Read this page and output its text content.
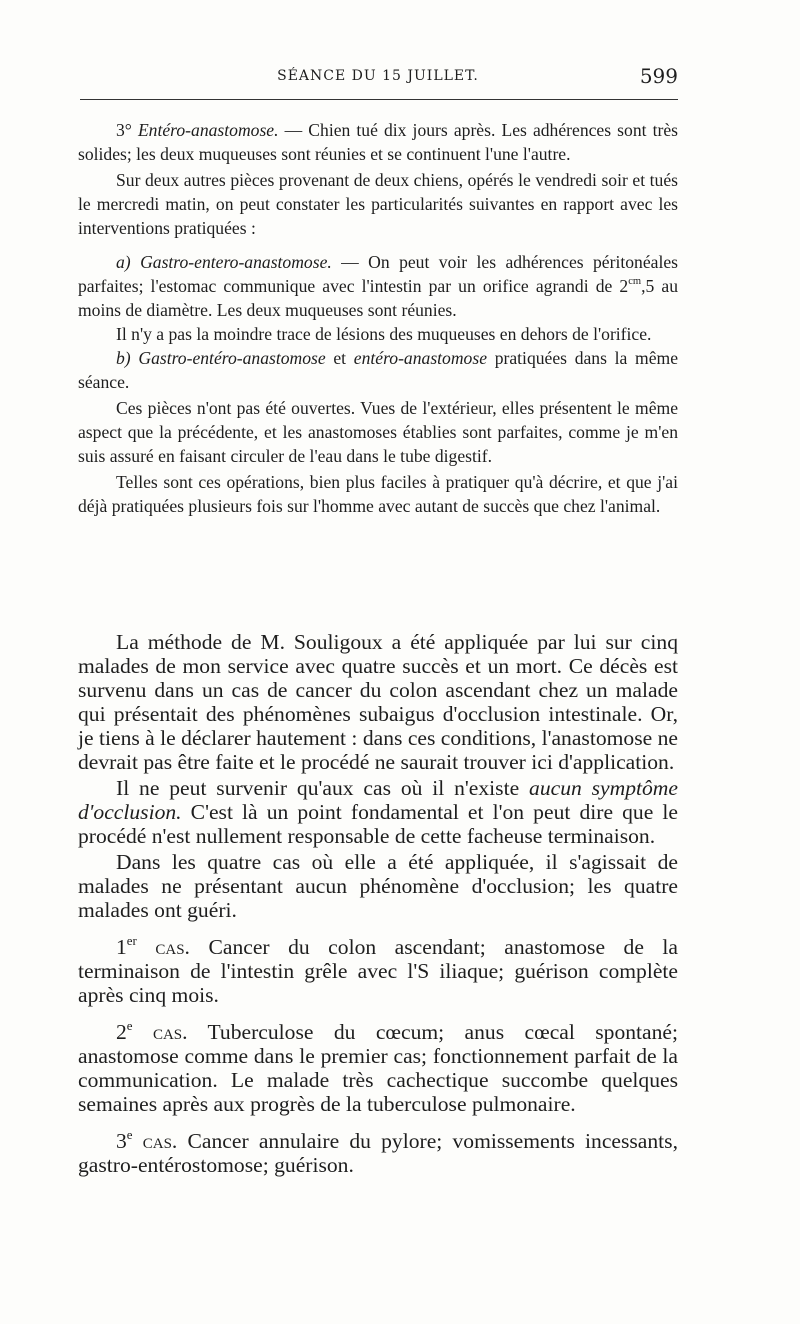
SÉANCE DU 15 JUILLET.	599

3° Entéro-anastomose. — Chien tué dix jours après. Les adhérences sont très solides; les deux muqueuses sont réunies et se continuent l'une l'autre.

Sur deux autres pièces provenant de deux chiens, opérés le vendredi soir et tués le mercredi matin, on peut constater les particularités suivantes en rapport avec les interventions pratiquées :

a) Gastro-entero-anastomose. — On peut voir les adhérences péritonéales parfaites; l'estomac communique avec l'intestin par un orifice agrandi de $2^{cm},5$ au moins de diamètre. Les deux muqueuses sont réunies.

Il n'y a pas la moindre trace de lésions des muqueuses en dehors de l'orifice.

b) Gastro-entéro-anastomose et entéro-anastomose pratiquées dans la même séance.

Ces pièces n'ont pas été ouvertes. Vues de l'extérieur, elles présentent le même aspect que la précédente, et les anastomoses établies sont parfaites, comme je m'en suis assuré en faisant circuler de l'eau dans le tube digestif.

Telles sont ces opérations, bien plus faciles à pratiquer qu'à décrire, et que j'ai déjà pratiquées plusieurs fois sur l'homme avec autant de succès que chez l'animal.

La méthode de M. Souligoux a été appliquée par lui sur cinq malades de mon service avec quatre succès et un mort. Ce décès est survenu dans un cas de cancer du colon ascendant chez un malade qui présentait des phénomènes subaigus d'occlusion intestinale. Or, je tiens à le déclarer hautement : dans ces conditions, l'anastomose ne devrait pas être faite et le procédé ne saurait trouver ici d'application.

Il ne peut survenir qu'aux cas où il n'existe aucun symptôme d'occlusion. C'est là un point fondamental et l'on peut dire que le procédé n'est nullement responsable de cette facheuse terminaison.

Dans les quatre cas où elle a été appliquée, il s'agissait de malades ne présentant aucun phénomène d'occlusion; les quatre malades ont guéri.

1er cas. Cancer du colon ascendant; anastomose de la terminaison de l'intestin grêle avec l'S iliaque; guérison complète après cinq mois.

2e cas. Tuberculose du cœcum; anus cœcal spontané; anastomose comme dans le premier cas; fonctionnement parfait de la communication. Le malade très cachectique succombe quelques semaines après aux progrès de la tuberculose pulmonaire.

3e cas. Cancer annulaire du pylore; vomissements incessants, gastro-entérostomose; guérison.
